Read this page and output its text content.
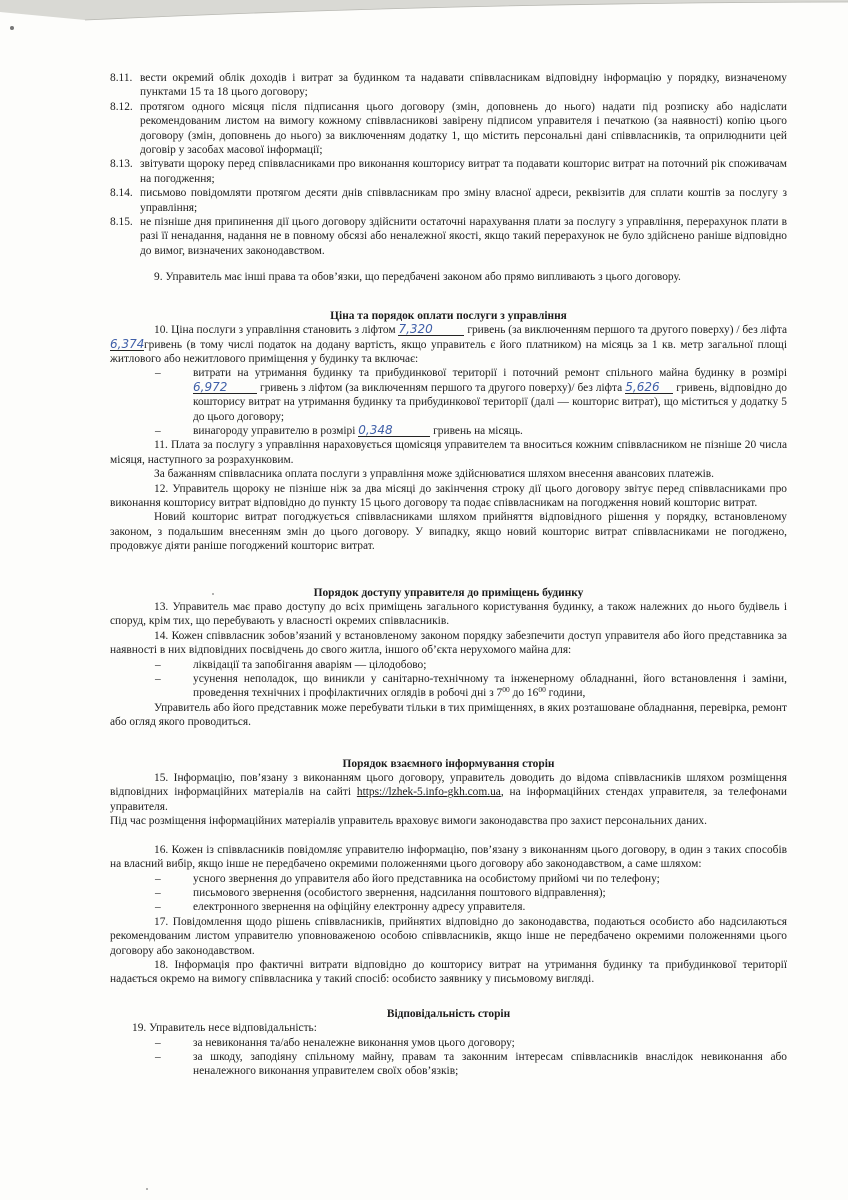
8.11. вести окремий облік доходів і витрат за будинком та надавати співвласникам відповідну інформацію у порядку, визначеному пунктами 15 та 18 цього договору;
8.12. протягом одного місяця після підписання цього договору (змін, доповнень до нього) надати під розписку або надіслати рекомендованим листом на вимогу кожному співвласникові завірену підписом управителя і печаткою (за наявності) копію цього договору (змін, доповнень до нього) за виключенням додатку 1, що містить персональні дані співвласників, та оприлюднити цей договір у засобах масової інформації;
8.13. звітувати щороку перед співвласниками про виконання кошторису витрат та подавати кошторис витрат на поточний рік споживачам на погодження;
8.14. письмово повідомляти протягом десяти днів співвласникам про зміну власної адреси, реквізитів для сплати коштів за послугу з управління;
8.15. не пізніше дня припинення дії цього договору здійснити остаточні нарахування плати за послугу з управління, перерахунок плати в разі її ненадання, надання не в повному обсязі або неналежної якості, якщо такий перерахунок не було здійснено раніше відповідно до вимог, визначених законодавством.

9. Управитель має інші права та обов’язки, що передбачені законом або прямо випливають з цього договору.

Ціна та порядок оплати послуги з управління

10. Ціна послуги з управління становить з ліфтом 7,320	гривень (за виключенням першого та другого поверху) / без ліфта 6,374гривень (в тому числі податок на додану вартість, якщо управитель є його платником) на місяць за 1 кв. метр загальної площі житлового або нежитлового приміщення у будинку та включає:

–	витрати на утримання будинку та прибудинкової території і поточний ремонт спільного майна будинку в розмірі 6,972	гривень з ліфтом (за виключенням першого та другого поверху)/ без ліфта 5,626 гривень, відповідно до кошторису витрат на утримання будинку та прибудинкової території (далі — кошторис витрат), що міститься у додатку 5 до цього договору;
–	винагороду управителю в розмірі 0,348	гривень на місяць.

11. Плата за послугу з управління нараховується щомісяця управителем та вноситься кожним співвласником не пізніше 20 числа місяця, наступного за розрахунковим.

За бажанням співвласника оплата послуги з управління може здійснюватися шляхом внесення авансових платежів.

12. Управитель щороку не пізніше ніж за два місяці до закінчення строку дії цього договору звітує перед співвласниками про виконання кошторису витрат відповідно до пункту 15 цього договору та подає співвласникам на погодження новий кошторис витрат.

Новий кошторис витрат погоджується співвласниками шляхом прийняття відповідного рішення у порядку, встановленому законом, з подальшим внесенням змін до цього договору. У випадку, якщо новий кошторис витрат співвласниками не погоджено, продовжує діяти раніше погоджений кошторис витрат.

Порядок доступу управителя до приміщень будинку

13. Управитель має право доступу до всіх приміщень загального користування будинку, а також належних до нього будівель і споруд, крім тих, що перебувають у власності окремих співвласників.

14. Кожен співвласник зобов’язаний у встановленому законом порядку забезпечити доступ управителя або його представника за наявності в них відповідних посвідчень до свого житла, іншого об’єкта нерухомого майна для:

–	ліквідації та запобігання аваріям — цілодобово;
–	усунення неполадок, що виникли у санітарно-технічному та інженерному обладнанні, його встановлення і заміни, проведення технічних і профілактичних оглядів в робочі дні з $7^{00}$ до $16^{00}$ години,

Управитель або його представник може перебувати тільки в тих приміщеннях, в яких розташоване обладнання, перевірка, ремонт або огляд якого проводиться.

Порядок взаємного інформування сторін

15. Інформацію, пов’язану з виконанням цього договору, управитель доводить до відома співвласників шляхом розміщення відповідних інформаційних матеріалів на сайті https://lzhek-5.info-gkh.com.ua, на інформаційних стендах управителя, за телефонами управителя.

Під час розміщення інформаційних матеріалів управитель враховує вимоги законодавства про захист персональних даних.

16. Кожен із співвласників повідомляє управителю інформацію, пов’язану з виконанням цього договору, в один з таких способів на власний вибір, якщо інше не передбачено окремими положеннями цього договору або законодавством, а саме шляхом:

–	усного звернення до управителя або його представника на особистому прийомі чи по телефону;
–	письмового звернення (особистого звернення, надсилання поштового відправлення);
–	електронного звернення на офіційну електронну адресу управителя.

17. Повідомлення щодо рішень співвласників, прийнятих відповідно до законодавства, подаються особисто або надсилаються рекомендованим листом управителю уповноваженою особою співвласників, якщо інше не передбачено окремими положеннями цього договору або законодавством.

18. Інформація про фактичні витрати відповідно до кошторису витрат на утримання будинку та прибудинкової території надається окремо на вимогу співвласника у такий спосіб: особисто заявнику у письмовому вигляді.

Відповідальність сторін

19. Управитель несе відповідальність:

–	за невиконання та/або неналежне виконання умов цього договору;
–	за шкоду, заподіяну спільному майну, правам та законним інтересам співвласників внаслідок невиконання або неналежного виконання управителем своїх обов’язків;
